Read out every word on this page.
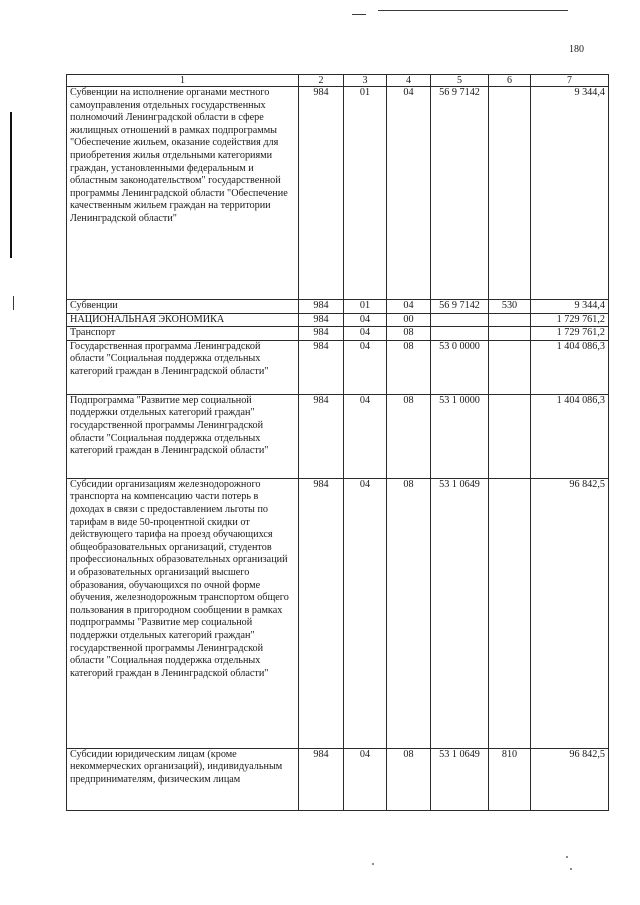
180
1	2	3	4	5	6	7
Субвенции на исполнение органами местного самоуправления отдельных государственных полномочий Ленинградской области в сфере жилищных отношений в рамках подпрограммы "Обеспечение жильем, оказание содействия для приобретения жилья отдельными категориями граждан, установленными федеральным и областным законодательством" государственной программы Ленинградской области "Обеспечение качественным жильем граждан на территории Ленинградской области"	984	01	04	56 9 7142		9 344,4
Субвенции	984	01	04	56 9 7142	530	9 344,4
НАЦИОНАЛЬНАЯ ЭКОНОМИКА	984	04	00			1 729 761,2
Транспорт	984	04	08			1 729 761,2
Государственная программа Ленинградской области "Социальная поддержка отдельных категорий граждан в Ленинградской области"	984	04	08	53 0 0000		1 404 086,3
Подпрограмма "Развитие мер социальной поддержки отдельных категорий граждан" государственной программы Ленинградской области "Социальная поддержка отдельных категорий граждан в Ленинградской области"	984	04	08	53 1 0000		1 404 086,3
Субсидии организациям железнодорожного транспорта на компенсацию части потерь в доходах в связи с предоставлением льготы по тарифам в виде 50-процентной скидки от действующего тарифа на проезд обучающихся общеобразовательных организаций, студентов профессиональных образовательных организаций и образовательных организаций высшего образования, обучающихся по очной форме обучения, железнодорожным транспортом общего пользования в пригородном сообщении в рамках подпрограммы "Развитие мер социальной поддержки отдельных категорий граждан" государственной программы Ленинградской области "Социальная поддержка отдельных категорий граждан в Ленинградской области"	984	04	08	53 1 0649		96 842,5
Субсидии юридическим лицам (кроме некоммерческих организаций), индивидуальным предпринимателям, физическим лицам	984	04	08	53 1 0649	810	96 842,5
